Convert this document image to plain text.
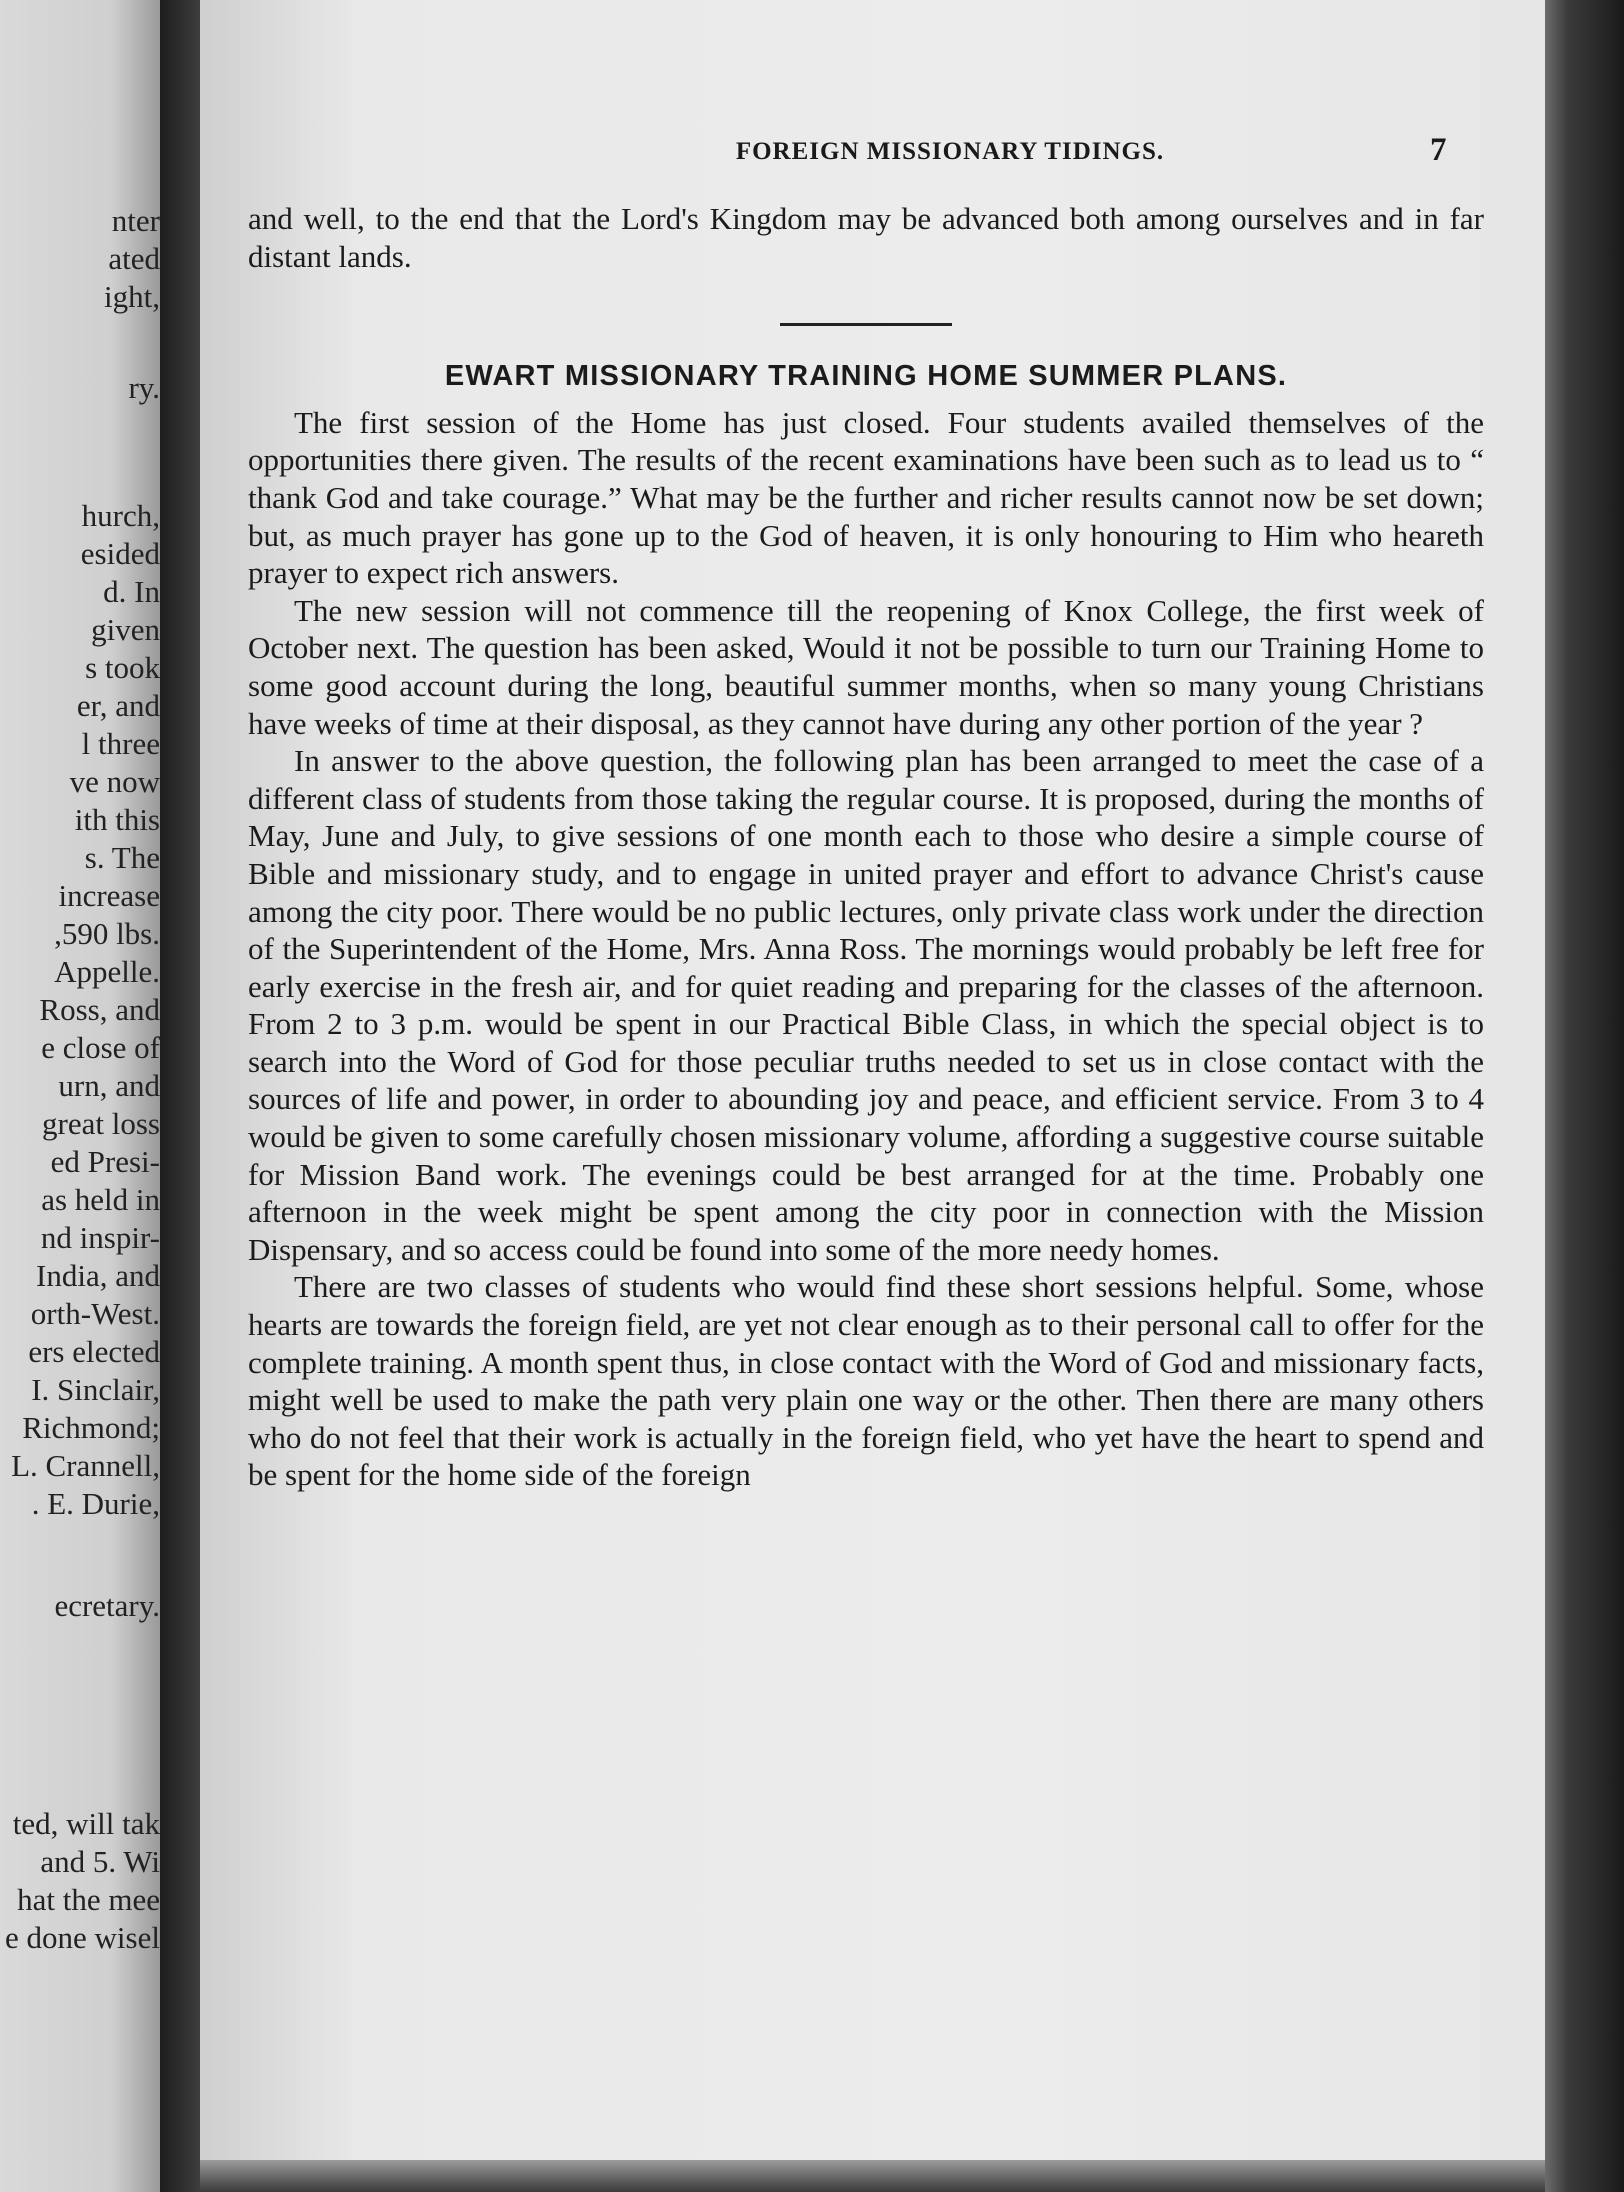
nter
ated
ight,
ry.
hurch,
esided
d. In
given
s took
er, and
l three
ve now
ith this
s. The
increase
,590 lbs.
Appelle.
Ross, and
e close of
urn, and
great loss
ed Presi-
as held in
nd inspir-
India, and
orth-West.
ers elected
I. Sinclair,
Richmond;
L. Crannell,
. E. Durie,
ecretary.
ted, will tak
and 5. Wi
hat the mee
e done wisel
FOREIGN MISSIONARY TIDINGS.	7

and well, to the end that the Lord's Kingdom may be advanced both among ourselves and in far distant lands.

EWART MISSIONARY TRAINING HOME SUMMER PLANS.

The first session of the Home has just closed. Four students availed themselves of the opportunities there given. The results of the recent examinations have been such as to lead us to “ thank God and take courage.” What may be the further and richer results cannot now be set down; but, as much prayer has gone up to the God of heaven, it is only honouring to Him who heareth prayer to expect rich answers.

The new session will not commence till the reopening of Knox College, the first week of October next. The question has been asked, Would it not be possible to turn our Training Home to some good account during the long, beautiful summer months, when so many young Christians have weeks of time at their disposal, as they cannot have during any other portion of the year ?

In answer to the above question, the following plan has been arranged to meet the case of a different class of students from those taking the regular course. It is proposed, during the months of May, June and July, to give sessions of one month each to those who desire a simple course of Bible and missionary study, and to engage in united prayer and effort to advance Christ's cause among the city poor. There would be no public lectures, only private class work under the direction of the Superintendent of the Home, Mrs. Anna Ross. The mornings would probably be left free for early exercise in the fresh air, and for quiet reading and preparing for the classes of the afternoon. From 2 to 3 p.m. would be spent in our Practical Bible Class, in which the special object is to search into the Word of God for those peculiar truths needed to set us in close contact with the sources of life and power, in order to abounding joy and peace, and efficient service. From 3 to 4 would be given to some carefully chosen missionary volume, affording a suggestive course suitable for Mission Band work. The evenings could be best arranged for at the time. Probably one afternoon in the week might be spent among the city poor in connection with the Mission Dispensary, and so access could be found into some of the more needy homes.

There are two classes of students who would find these short sessions helpful. Some, whose hearts are towards the foreign field, are yet not clear enough as to their personal call to offer for the complete training. A month spent thus, in close contact with the Word of God and missionary facts, might well be used to make the path very plain one way or the other. Then there are many others who do not feel that their work is actually in the foreign field, who yet have the heart to spend and be spent for the home side of the foreign
